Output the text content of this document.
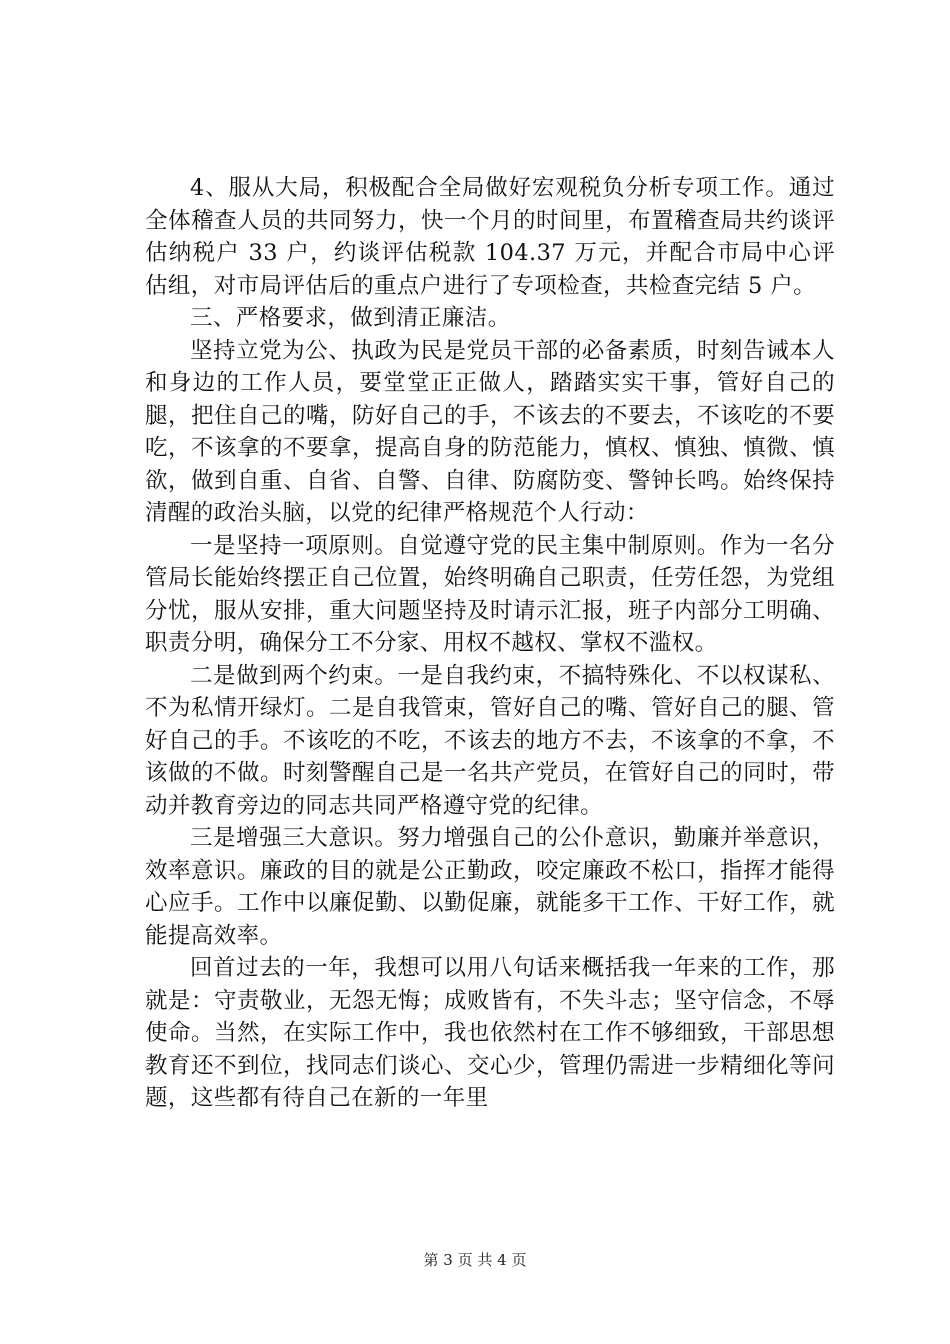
4、服从大局，积极配合全局做好宏观税负分析专项工作。通过全体稽查人员的共同努力，快一个月的时间里，布置稽查局共约谈评估纳税户 33 户，约谈评估税款 104.37 万元，并配合市局中心评估组，对市局评估后的重点户进行了专项检查，共检查完结 5 户。

三、严格要求，做到清正廉洁。

坚持立党为公、执政为民是党员干部的必备素质，时刻告诫本人和身边的工作人员，要堂堂正正做人，踏踏实实干事，管好自己的腿，把住自己的嘴，防好自己的手，不该去的不要去，不该吃的不要吃，不该拿的不要拿，提高自身的防范能力，慎权、慎独、慎微、慎欲，做到自重、自省、自警、自律、防腐防变、警钟长鸣。始终保持清醒的政治头脑，以党的纪律严格规范个人行动：

一是坚持一项原则。自觉遵守党的民主集中制原则。作为一名分管局长能始终摆正自己位置，始终明确自己职责，任劳任怨，为党组分忧，服从安排，重大问题坚持及时请示汇报，班子内部分工明确、职责分明，确保分工不分家、用权不越权、掌权不滥权。

二是做到两个约束。一是自我约束，不搞特殊化、不以权谋私、不为私情开绿灯。二是自我管束，管好自己的嘴、管好自己的腿、管好自己的手。不该吃的不吃，不该去的地方不去，不该拿的不拿，不该做的不做。时刻警醒自己是一名共产党员，在管好自己的同时，带动并教育旁边的同志共同严格遵守党的纪律。

三是增强三大意识。努力增强自己的公仆意识，勤廉并举意识，效率意识。廉政的目的就是公正勤政，咬定廉政不松口，指挥才能得心应手。工作中以廉促勤、以勤促廉，就能多干工作、干好工作，就能提高效率。

回首过去的一年，我想可以用八句话来概括我一年来的工作，那就是：守责敬业，无怨无悔；成败皆有，不失斗志；坚守信念，不辱使命。当然，在实际工作中，我也依然村在工作不够细致，干部思想教育还不到位，找同志们谈心、交心少，管理仍需进一步精细化等问题，这些都有待自己在新的一年里

第 3 页 共 4 页
